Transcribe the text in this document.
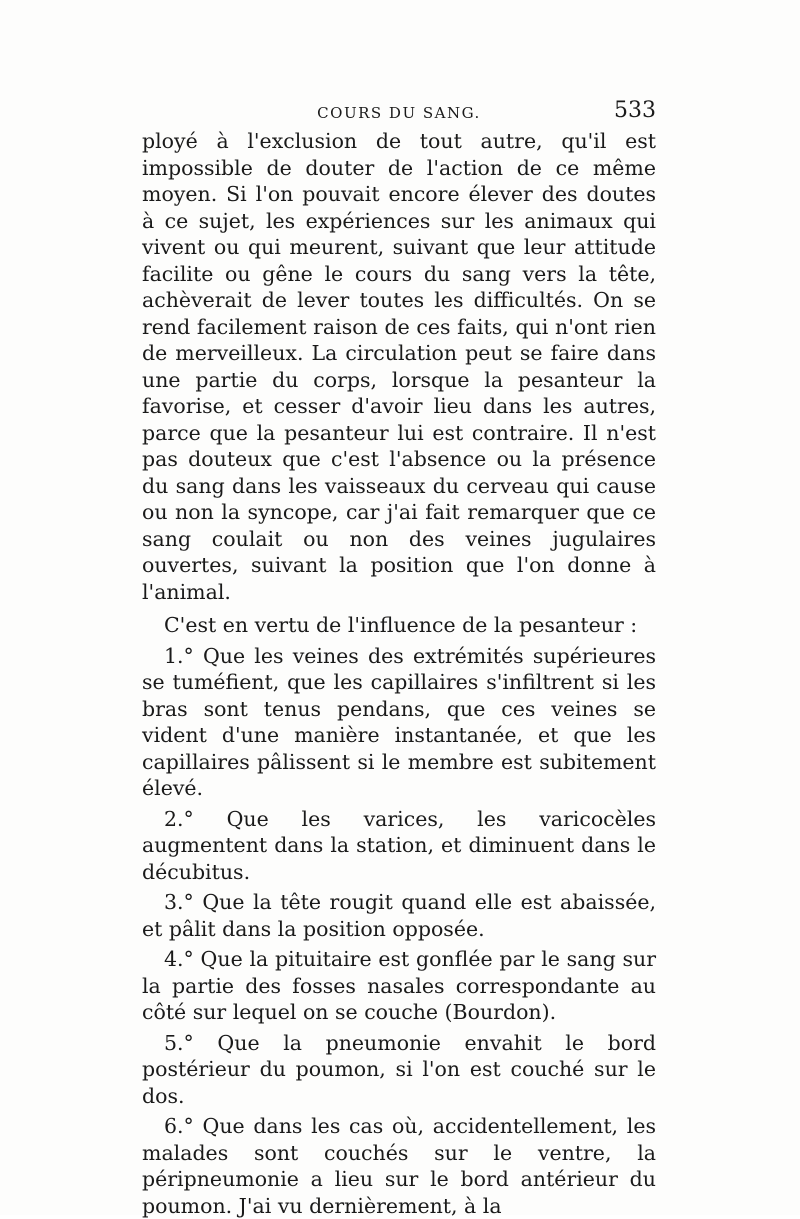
COURS DU SANG.	533

ployé à l'exclusion de tout autre, qu'il est impossible de douter de l'action de ce même moyen. Si l'on pouvait encore élever des doutes à ce sujet, les expériences sur les animaux qui vivent ou qui meurent, suivant que leur attitude facilite ou gêne le cours du sang vers la tête, achèverait de lever toutes les difficultés. On se rend facilement raison de ces faits, qui n'ont rien de merveilleux. La circulation peut se faire dans une partie du corps, lorsque la pesanteur la favorise, et cesser d'avoir lieu dans les autres, parce que la pesanteur lui est contraire. Il n'est pas douteux que c'est l'absence ou la présence du sang dans les vaisseaux du cerveau qui cause ou non la syncope, car j'ai fait remarquer que ce sang coulait ou non des veines jugulaires ouvertes, suivant la position que l'on donne à l'animal.

C'est en vertu de l'influence de la pesanteur :

1.° Que les veines des extrémités supérieures se tuméfient, que les capillaires s'infiltrent si les bras sont tenus pendans, que ces veines se vident d'une manière instantanée, et que les capillaires pâlissent si le membre est subitement élevé.

2.° Que les varices, les varicocèles augmentent dans la station, et diminuent dans le décubitus.

3.° Que la tête rougit quand elle est abaissée, et pâlit dans la position opposée.

4.° Que la pituitaire est gonflée par le sang sur la partie des fosses nasales correspondante au côté sur lequel on se couche (Bourdon).

5.° Que la pneumonie envahit le bord postérieur du poumon, si l'on est couché sur le dos.

6.° Que dans les cas où, accidentellement, les malades sont couchés sur le ventre, la péripneumonie a lieu sur le bord antérieur du poumon. J'ai vu dernièrement, à la
